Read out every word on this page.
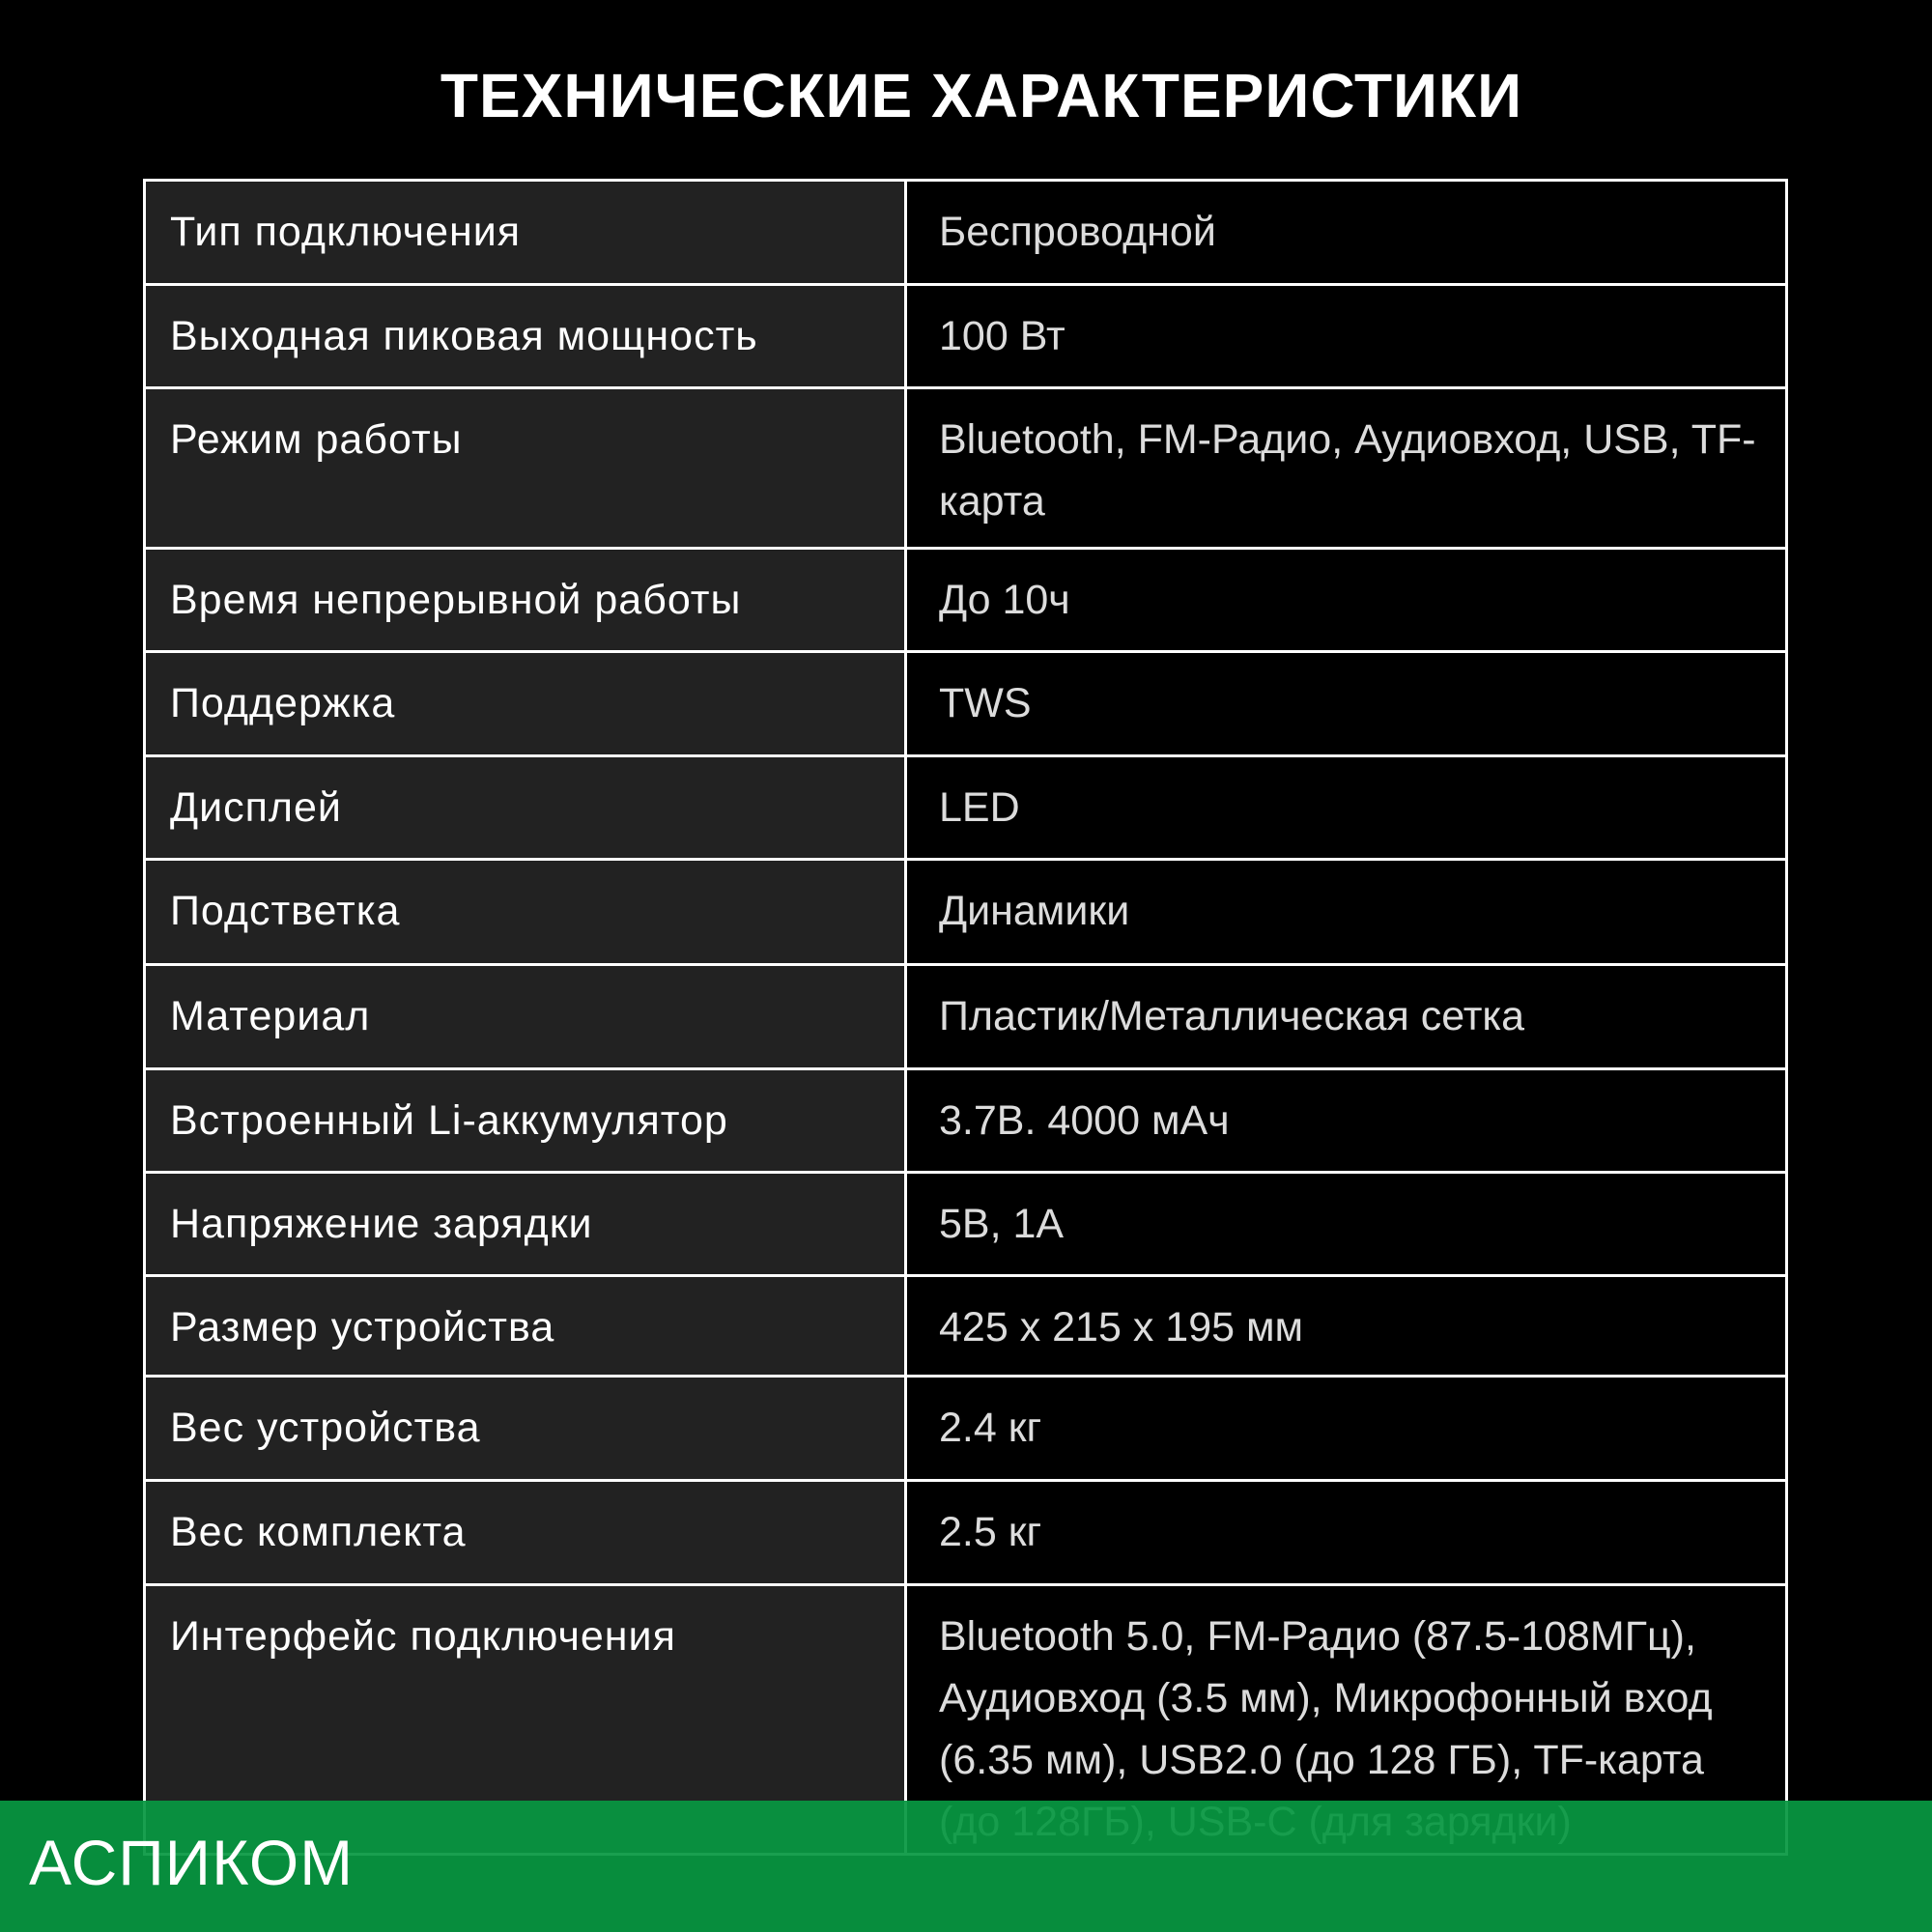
ТЕХНИЧЕСКИЕ ХАРАКТЕРИСТИКИ
Тип подключения	Беспроводной

Выходная пиковая мощность	100 Вт

Режим работы	Bluetooth, FM-Радио, Аудиовход, USB, TF-карта

Время непрерывной работы	До 10ч

Поддержка	TWS

Дисплей	LED

Подстветка	Динамики

Материал	Пластик/Металлическая сетка

Встроенный Li-аккумулятор	3.7В. 4000 мАч

Напряжение зарядки	5В, 1А

Размер устройства	425 x 215 x 195 мм

Вес устройства	2.4 кг

Вес комплекта	2.5 кг

Интерфейс подключения	Bluetooth 5.0, FM-Радио (87.5-108МГц), Аудиовход (3.5 мм), Микрофонный вход (6.35 мм), USB2.0 (до 128 ГБ), TF-карта
АСПИКОМ
